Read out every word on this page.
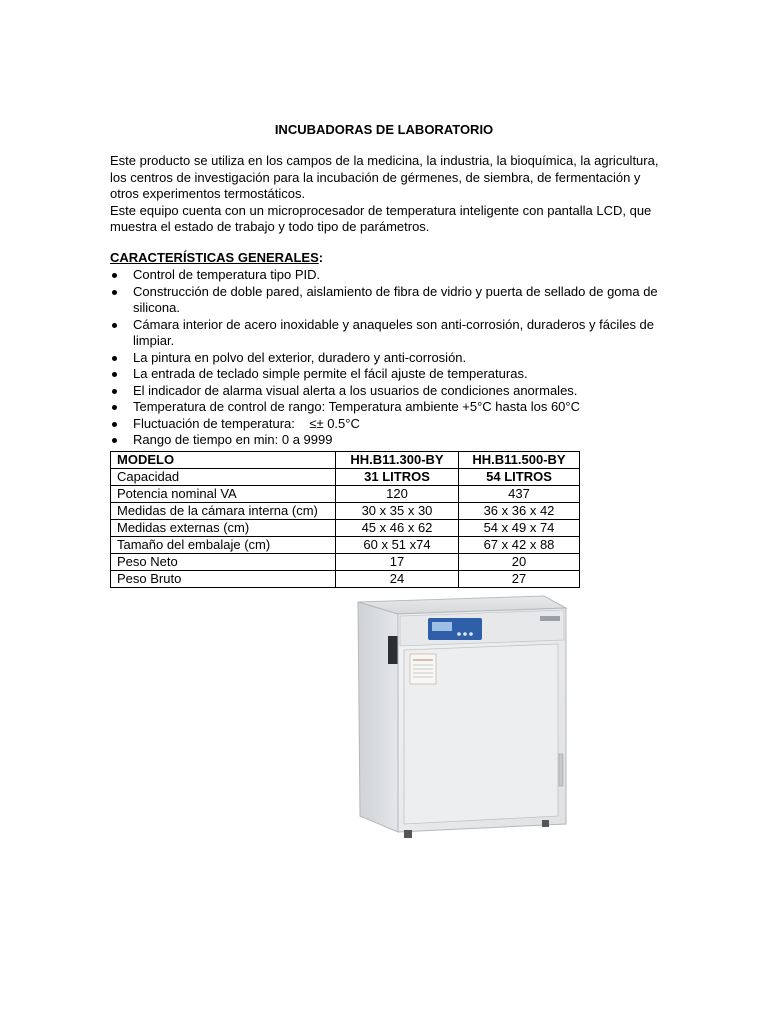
INCUBADORAS DE LABORATORIO
Este producto se utiliza en los campos de la medicina, la industria, la bioquímica, la agricultura,
los centros de investigación para la incubación de gérmenes, de siembra, de fermentación y
otros experimentos termostáticos.
Este equipo cuenta con un microprocesador de temperatura inteligente con pantalla LCD, que
muestra el estado de trabajo y todo tipo de parámetros.
CARACTERÍSTICAS GENERALES:
Control de temperatura tipo PID.
Construcción de doble pared, aislamiento de fibra de vidrio y puerta de sellado de goma de silicona.
Cámara interior de acero inoxidable y anaqueles son anti-corrosión, duraderos y fáciles de limpiar.
La pintura en polvo del exterior, duradero y anti-corrosión.
La entrada de teclado simple permite el fácil ajuste de temperaturas.
El indicador de alarma visual alerta a los usuarios de condiciones anormales.
Temperatura de control de rango: Temperatura ambiente +5°C hasta los 60°C
Fluctuación de temperatura:    ≤± 0.5°C
Rango de tiempo en min: 0 a 9999
MODELO	HH.B11.300-BY	HH.B11.500-BY
Capacidad	31 LITROS	54 LITROS
Potencia nominal VA	120	437
Medidas de la cámara interna (cm)	30 x 35 x 30	36 x 36 x 42
Medidas externas (cm)	45 x 46 x 62	54 x 49 x 74
Tamaño del embalaje (cm)	60 x 51 x74	67 x 42 x 88
Peso Neto	17	20
Peso Bruto	24	27
